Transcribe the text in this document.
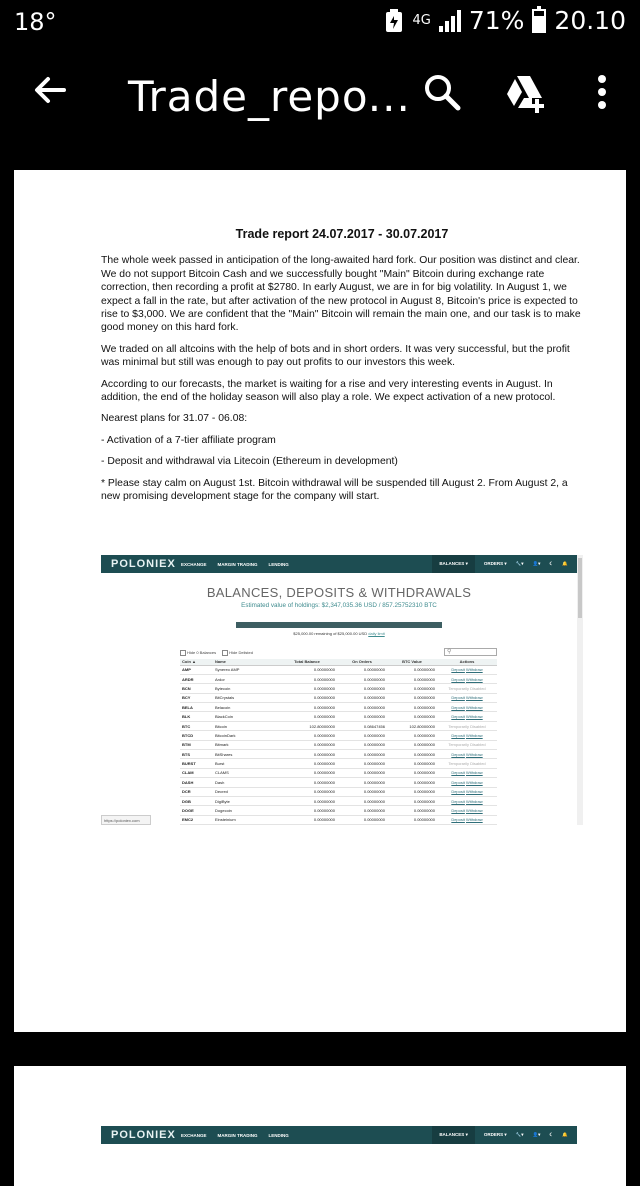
18°	4G 71% 20.10
Trade_repo...
Trade report 24.07.2017 - 30.07.2017

The whole week passed in anticipation of the long-awaited hard fork. Our position was distinct and clear. We do not support Bitcoin Cash and we successfully bought "Main" Bitcoin during exchange rate correction, then recording a profit at $2780. In early August, we are in for big volatility. In August 1, we expect a fall in the rate, but after activation of the new protocol in August 8, Bitcoin's price is expected to rise to $3,000. We are confident that the "Main" Bitcoin will remain the main one, and our task is to make good money on this hard fork.

We traded on all altcoins with the help of bots and in short orders. It was very successful, but the profit was minimal but still was enough to pay out profits to our investors this week.

According to our forecasts, the market is waiting for a rise and very interesting events in August. In addition, the end of the holiday season will also play a role. We expect activation of a new protocol.

Nearest plans for 31.07 - 06.08:

- Activation of a 7-tier affiliate program

- Deposit and withdrawal via Litecoin (Ethereum in development)

* Please stay calm on August 1st. Bitcoin withdrawal will be suspended till August 2. From August 2, a new promising development stage for the company will start.

POLONIEX	EXCHANGE MARGIN TRADING LENDING	BALANCES ▾	ORDERS ▾ 🔧▾ 👤▾ ☾ 🔔
BALANCES, DEPOSITS & WITHDRAWALS
Estimated value of holdings: $2,347,035.36 USD / 857.25752310 BTC
$25,000.00 remaining of $25,000.00 USD daily limit
Hide 0 Balances	Hide Delisted
⚲
Coin ▲	Name	Total Balance	On Orders	BTC Value	Actions
AMP	Synereo AMP	0.00000000	0.00000000	0.00000000	Deposit Withdraw
ARDR	Ardor	0.00000000	0.00000000	0.00000000	Deposit Withdraw
BCN	Bytecoin	0.00000000	0.00000000	0.00000000	Temporarily Disabled
BCY	BitCrystals	0.00000000	0.00000000	0.00000000	Deposit Withdraw
BELA	Belacoin	0.00000000	0.00000000	0.00000000	Deposit Withdraw
BLK	BlackCoin	0.00000000	0.00000000	0.00000000	Deposit Withdraw
BTC	Bitcoin	102.80000000	0.08647456	102.80000000	Temporarily Disabled
BTCD	BitcoinDark	0.00000000	0.00000000	0.00000000	Deposit Withdraw
BTM	Bitmark	0.00000000	0.00000000	0.00000000	Temporarily Disabled
BTS	BitShares	0.00000000	0.00000000	0.00000000	Deposit Withdraw
BURST	Burst	0.00000000	0.00000000	0.00000000	Temporarily Disabled
CLAM	CLAMS	0.00000000	0.00000000	0.00000000	Deposit Withdraw
DASH	Dash	0.00000000	0.00000000	0.00000000	Deposit Withdraw
DCR	Decred	0.00000000	0.00000000	0.00000000	Deposit Withdraw
DGB	DigiByte	0.00000000	0.00000000	0.00000000	Deposit Withdraw
DOGE	Dogecoin	0.00000000	0.00000000	0.00000000	Deposit Withdraw
EMC2	Einsteinium	0.00000000	0.00000000	0.00000000	Deposit Withdraw
https://poloniex.com
POLONIEX	EXCHANGE MARGIN TRADING LENDING	BALANCES ▾	ORDERS ▾ 🔧▾ 👤▾ ☾ 🔔
